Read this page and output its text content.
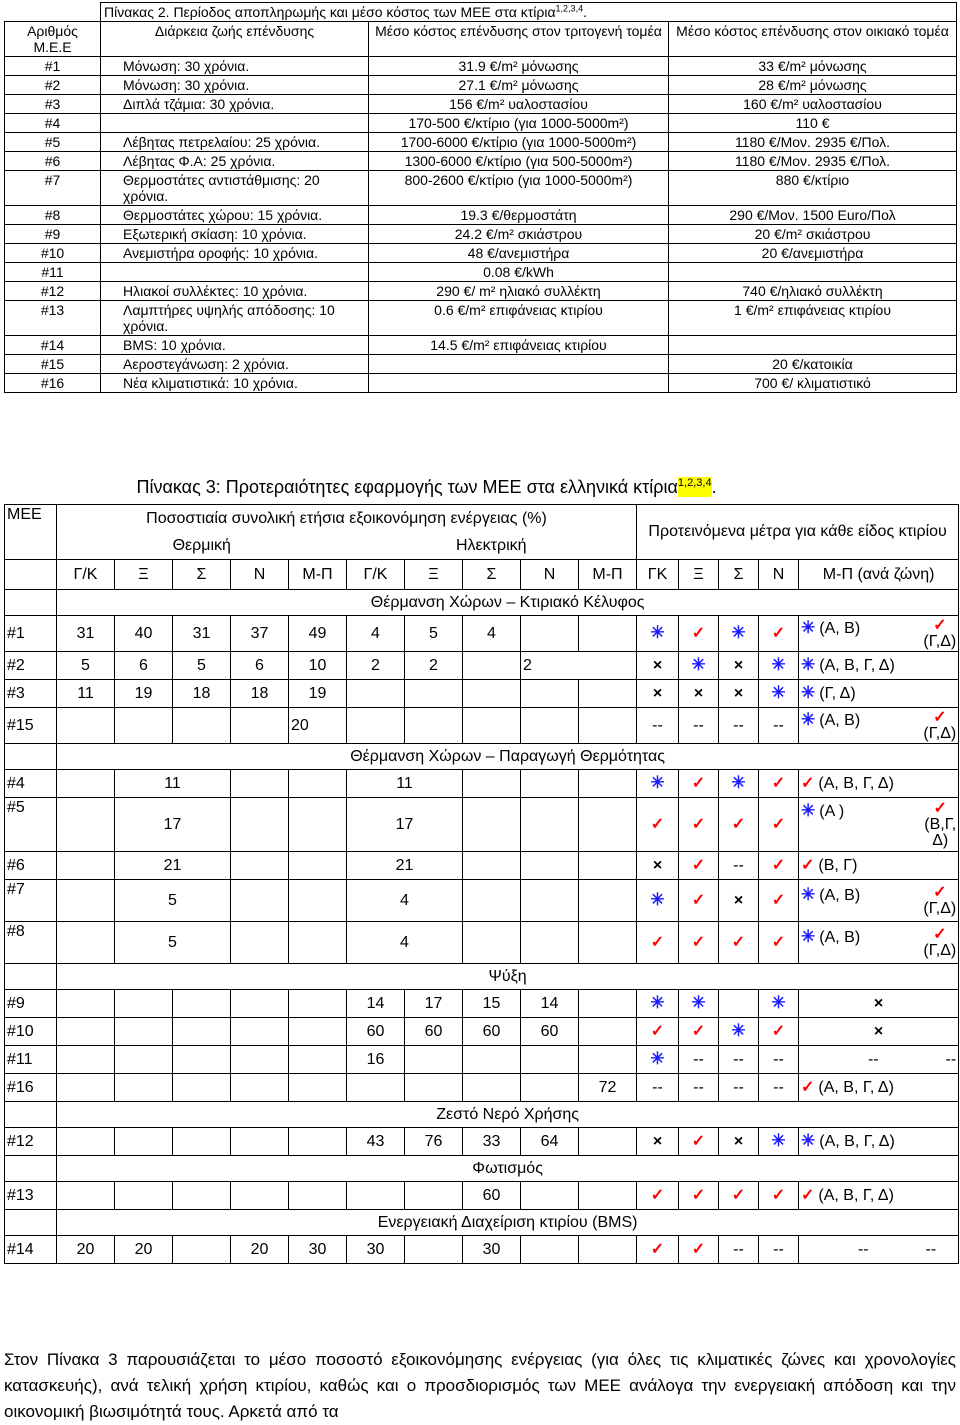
	Πίνακας 2. Περίοδος αποπληρωμής και μέσο κόστος των ΜΕΕ στα κτίρια$^{1,2,3,4}$.		
Αριθμός Μ.Ε.Ε	Διάρκεια ζωής επένδυσης	Μέσο κόστος επένδυσης στον τριτογενή τομέα	Μέσο κόστος επένδυσης στον οικιακό τομέα
#1	Μόνωση: 30 χρόνια.	31.9 €/m² μόνωσης	33 €/m² μόνωσης
#2	Μόνωση: 30 χρόνια.	27.1 €/m² μόνωσης	28 €/m² μόνωσης
#3	Διπλά τζάμια: 30 χρόνια.	156 €/m² υαλοστασίου	160 €/m² υαλοστασίου
#4		170-500 €/κτίριο (για 1000-5000m²)	110 €
#5	Λέβητας πετρελαίου: 25 χρόνια.	1700-6000 €/κτίριο (για 1000-5000m²)	1180 €/Μον. 2935 €/Πολ.
#6	Λέβητας Φ.Α: 25 χρόνια.	1300-6000 €/κτίριο (για 500-5000m²)	1180 €/Μον. 2935 €/Πολ.
#7	Θερμοστάτες αντιστάθμισης: 20 χρόνια.	800-2600 €/κτίριο (για 1000-5000m²)	880 €/κτίριο
#8	Θερμοστάτες χώρου: 15 χρόνια.	19.3 €/θερμοστάτη	290 €/Μον. 1500 Euro/Πολ
#9	Εξωτερική σκίαση: 10 χρόνια.	24.2 €/m² σκιάστρου	20 €/m² σκιάστρου
#10	Ανεμιστήρα οροφής: 10 χρόνια.	48 €/ανεμιστήρα	20 €/ανεμιστήρα
#11		0.08 €/kWh	
#12	Ηλιακοί συλλέκτες: 10 χρόνια.	290 €/ m² ηλιακό συλλέκτη	740 €/ηλιακό συλλέκτη
#13	Λαμπτήρες υψηλής απόδοσης: 10 χρόνια.	0.6 €/m² επιφάνειας κτιρίου	1 €/m² επιφάνειας κτιρίου
#14	BMS: 10 χρόνια.	14.5 €/m² επιφάνειας κτιρίου	
#15	Αεροστεγάνωση: 2 χρόνια.		20 €/κατοικία
#16	Νέα κλιματιστικά: 10 χρόνια.		700 €/ κλιματιστικό
	Πίνακας 3: Προτεραιότητες εφαρμογής των ΜΕΕ στα ελληνικά κτίρια$^{1,2,3,4}$.														
ΜΕΕ	Ποσοστιαία συνολική ετήσια εξοικονόμηση ενέργειας (%)										Προτεινόμενα μέτρα για κάθε είδος κτιρίου				
	Θερμική					Ηλεκτρική									
	Γ/Κ	Ξ	Σ	Ν	Μ-Π	Γ/Κ	Ξ	Σ	Ν	Μ-Π	ΓΚ	Ξ	Σ	Ν	Μ-Π (ανά ζώνη)
	Θέρμανση Χώρων – Κτιριακό Κέλυφος														
#1	31	40	31	37	49	4	5	4			✳	✓	✳	✓	✳ (Α, Β) ✓
(Γ,Δ)

#2	5	6	5	6	10	2	2		2		×	✳	×	✳	✳ (Α, Β, Γ, Δ)
#3	11	19	18	18	19						×	×	×	✳	✳ (Γ, Δ)
#15					20						--	--	--	--	✳ (Α, Β) ✓
(Γ,Δ)

	Θέρμανση Χώρων – Παραγωγή Θερμότητας														
#4		11				11					✳	✓	✳	✓	✓ (Α, Β, Γ, Δ)
#5		17				17					✓	✓	✓	✓	✳ (Α ) ✓
(Β,Γ,
Δ)

#6		21				21					×	✓	--	✓	✓ (Β, Γ)
#7		5				4					✳	✓	×	✓	✳ (Α, Β) ✓
(Γ,Δ)

#8		5				4					✓	✓	✓	✓	✳ (Α, Β) ✓
(Γ,Δ)

	Ψύξη														
#9						14	17	15	14		✳	✳		✳	×
#10						60	60	60	60		✓	✓	✳	✓	×
#11						16					✳	--	--	--	-- --

#16										72	--	--	--	--	✓ (Α, Β, Γ, Δ)
	Ζεστό Νερό Χρήσης														
#12						43	76	33	64		×	✓	×	✳	✳ (Α, Β, Γ, Δ)
	Φωτισμός														
#13								60			✓	✓	✓	✓	✓ (Α, Β, Γ, Δ)
	Ενεργειακή Διαχείριση κτιρίου (BMS)														
#14	20	20		20	30	30		30			✓	✓	--	--	-- --

Στον Πίνακα 3 παρουσιάζεται το μέσο ποσοστό εξοικονόμησης ενέργειας (για όλες τις κλιματικές ζώνες και χρονολογίες κατασκευής), ανά τελική χρήση κτιρίου, καθώς και ο προσδιορισμός των ΜΕΕ ανάλογα την ενεργειακή απόδοση και την οικονομική βιωσιμότητά τους. Αρκετά από τα
